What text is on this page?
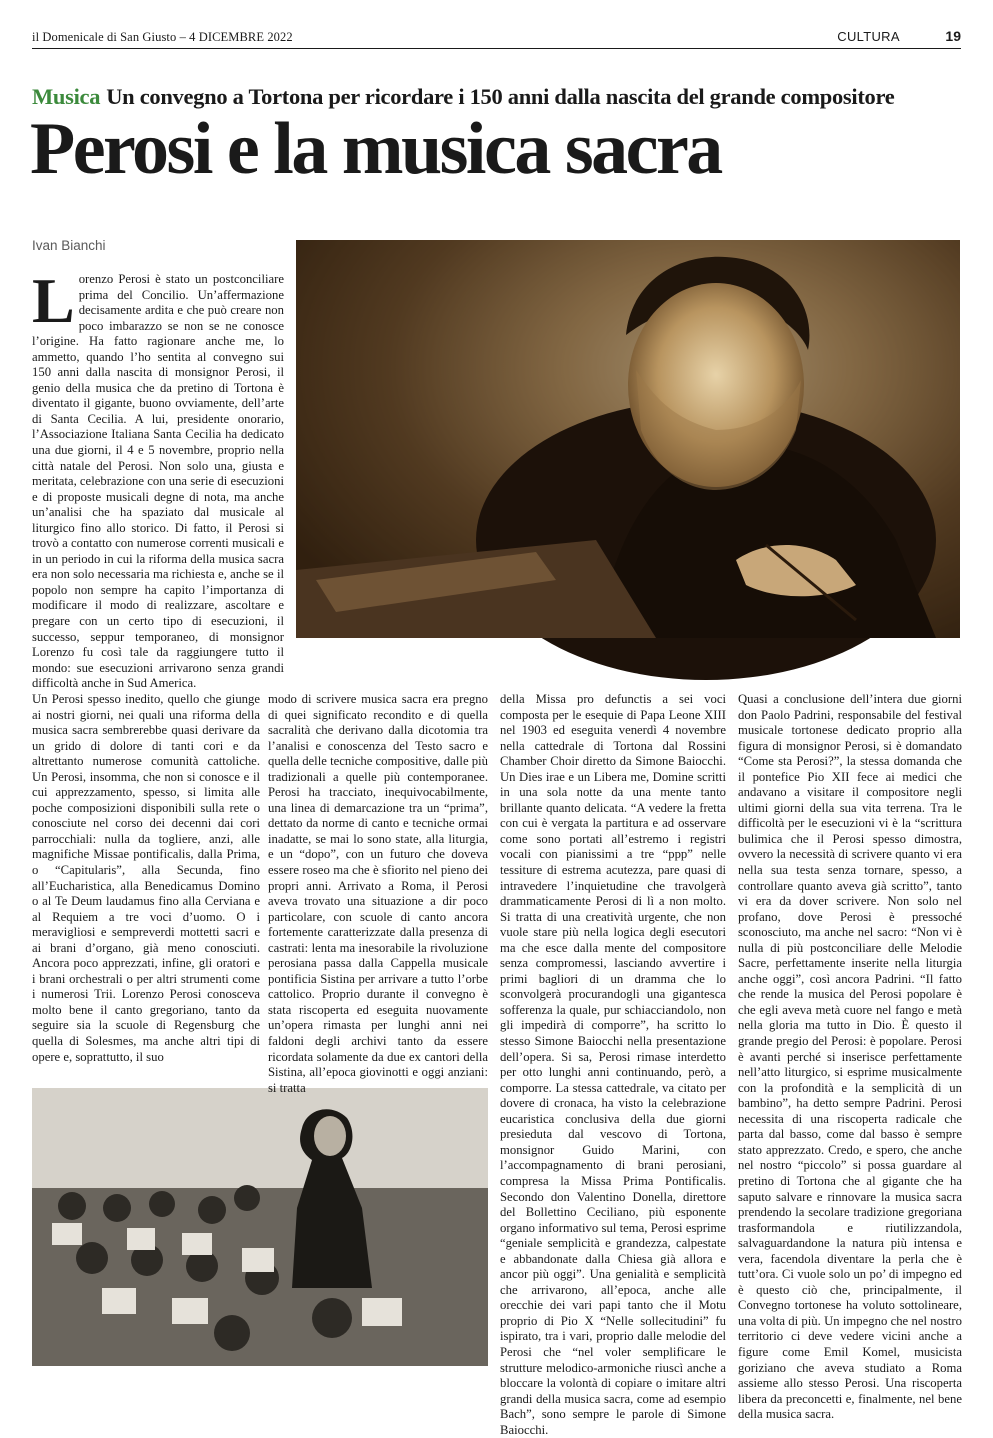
il Domenicale di San Giusto – 4 DICEMBRE 2022	CULTURA	19
Musica Un convegno a Tortona per ricordare i 150 anni dalla nascita del grande compositore
Perosi e la musica sacra
Ivan Bianchi
Lorenzo Perosi è stato un postconciliare prima del Concilio. Un’affermazione decisamente ardita e che può creare non poco imbarazzo se non se ne conosce l’origine. Ha fatto ragionare anche me, lo ammetto, quando l’ho sentita al convegno sui 150 anni dalla nascita di monsignor Perosi, il genio della musica che da pretino di Tortona è diventato il gigante, buono ovviamente, dell’arte di Santa Cecilia. A lui, presidente onorario, l’Associazione Italiana Santa Cecilia ha dedicato una due giorni, il 4 e 5 novembre, proprio nella città natale del Perosi. Non solo una, giusta e meritata, celebrazione con una serie di esecuzioni e di proposte musicali degne di nota, ma anche un’analisi che ha spaziato dal musicale al liturgico fino allo storico. Di fatto, il Perosi si trovò a contatto con numerose correnti musicali e in un periodo in cui la riforma della musica sacra era non solo necessaria ma richiesta e, anche se il popolo non sempre ha capito l’importanza di modificare il modo di realizzare, ascoltare e pregare con un certo tipo di esecuzioni, il successo, seppur temporaneo, di monsignor Lorenzo fu così tale da raggiungere tutto il mondo: sue esecuzioni arrivarono senza grandi difficoltà anche in Sud America.

Un Perosi spesso inedito, quello che giunge ai nostri giorni, nei quali una riforma della musica sacra sembrerebbe quasi derivare da un grido di dolore di tanti cori e da altrettanto numerose comunità cattoliche. Un Perosi, insomma, che non si conosce e il cui apprezzamento, spesso, si limita alle poche composizioni disponibili sulla rete o conosciute nel corso dei decenni dai cori parrocchiali: nulla da togliere, anzi, alle magnifiche Missae pontificalis, dalla Prima, o “Capitularis”, alla Secunda, fino all’Eucharistica, alla Benedicamus Domino o al Te Deum laudamus fino alla Cerviana e al Requiem a tre voci d’uomo. O i meravigliosi e sempreverdi mottetti sacri e ai brani d’organo, già meno conosciuti. Ancora poco apprezzati, infine, gli oratori e i brani orchestrali o per altri strumenti come i numerosi Trii. Lorenzo Perosi conosceva molto bene il canto gregoriano, tanto da seguire sia la scuole di Regensburg che quella di Solesmes, ma anche altri tipi di opere e, soprattutto, il suo

modo di scrivere musica sacra era pregno di quei significato recondito e di quella sacralità che derivano dalla dicotomia tra l’analisi e conoscenza del Testo sacro e quella delle tecniche compositive, dalle più tradizionali a quelle più contemporanee. Perosi ha tracciato, inequivocabilmente, una linea di demarcazione tra un “prima”, dettato da norme di canto e tecniche ormai inadatte, se mai lo sono state, alla liturgia, e un “dopo”, con un futuro che doveva essere roseo ma che è sfiorito nel pieno dei propri anni. Arrivato a Roma, il Perosi aveva trovato una situazione a dir poco particolare, con scuole di canto ancora fortemente caratterizzate dalla presenza di castrati: lenta ma inesorabile la rivoluzione perosiana passa dalla Cappella musicale pontificia Sistina per arrivare a tutto l’orbe cattolico. Proprio durante il convegno è stata riscoperta ed eseguita nuovamente un’opera rimasta per lunghi anni nei faldoni degli archivi tanto da essere ricordata solamente da due ex cantori della Sistina, all’epoca giovinotti e oggi anziani: si tratta

della Missa pro defunctis a sei voci composta per le esequie di Papa Leone XIII nel 1903 ed eseguita venerdì 4 novembre nella cattedrale di Tortona dal Rossini Chamber Choir diretto da Simone Baiocchi. Un Dies irae e un Libera me, Domine scritti in una sola notte da una mente tanto brillante quanto delicata. “A vedere la fretta con cui è vergata la partitura e ad osservare come sono portati all’estremo i registri vocali con pianissimi a tre “ppp” nelle tessiture di estrema acutezza, pare quasi di intravedere l’inquietudine che travolgerà drammaticamente Perosi di lì a non molto. Si tratta di una creatività urgente, che non vuole stare più nella logica degli esecutori ma che esce dalla mente del compositore senza compromessi, lasciando avvertire i primi bagliori di un dramma che lo sconvolgerà procurandogli una gigantesca sofferenza la quale, pur schiacciandolo, non gli impedirà di comporre”, ha scritto lo stesso Simone Baiocchi nella presentazione dell’opera. Si sa, Perosi rimase interdetto per otto lunghi anni continuando, però, a comporre. La stessa cattedrale, va citato per dovere di cronaca, ha visto la celebrazione eucaristica conclusiva della due giorni presieduta dal vescovo di Tortona, monsignor Guido Marini, con l’accompagnamento di brani perosiani, compresa la Missa Prima Pontificalis. Secondo don Valentino Donella, direttore del Bollettino Ceciliano, più esponente organo informativo sul tema, Perosi esprime “geniale semplicità e grandezza, calpestate e abbandonate dalla Chiesa già allora e ancor più oggi”. Una genialità e semplicità che arrivarono, all’epoca, anche alle orecchie dei vari papi tanto che il Motu proprio di Pio X “Nelle sollecitudini” fu ispirato, tra i vari, proprio dalle melodie del Perosi che “nel voler semplificare le strutture melodico-armoniche riuscì anche a bloccare la volontà di copiare o imitare altri grandi della musica sacra, come ad esempio Bach”, sono sempre le parole di Simone Baiocchi.

Quasi a conclusione dell’intera due giorni don Paolo Padrini, responsabile del festival musicale tortonese dedicato proprio alla figura di monsignor Perosi, si è domandato “Come sta Perosi?”, la stessa domanda che il pontefice Pio XII fece ai medici che andavano a visitare il compositore negli ultimi giorni della sua vita terrena. Tra le difficoltà per le esecuzioni vi è la “scrittura bulimica che il Perosi spesso dimostra, ovvero la necessità di scrivere quanto vi era nella sua testa senza tornare, spesso, a controllare quanto aveva già scritto”, tanto vi era da dover scrivere. Non solo nel profano, dove Perosi è pressoché sconosciuto, ma anche nel sacro: “Non vi è nulla di più postconciliare delle Melodie Sacre, perfettamente inserite nella liturgia anche oggi”, così ancora Padrini. “Il fatto che rende la musica del Perosi popolare è che egli aveva metà cuore nel fango e metà nella gloria ma tutto in Dio. È questo il grande pregio del Perosi: è popolare. Perosi è avanti perché si inserisce perfettamente nell’atto liturgico, si esprime musicalmente con la profondità e la semplicità di un bambino”, ha detto sempre Padrini. Perosi necessita di una riscoperta radicale che parta dal basso, come dal basso è sempre stato apprezzato. Credo, e spero, che anche nel nostro “piccolo” si possa guardare al pretino di Tortona che al gigante che ha saputo salvare e rinnovare la musica sacra prendendo la secolare tradizione gregoriana trasformandola e riutilizzandola, salvaguardandone la natura più intensa e vera, facendola diventare la perla che è tutt’ora. Ci vuole solo un po’ di impegno ed è questo ciò che, principalmente, il Convegno tortonese ha voluto sottolineare, una volta di più. Un impegno che nel nostro territorio ci deve vedere vicini anche a figure come Emil Komel, musicista goriziano che aveva studiato a Roma assieme allo stesso Perosi. Una riscoperta libera da preconcetti e, finalmente, nel bene della musica sacra.
